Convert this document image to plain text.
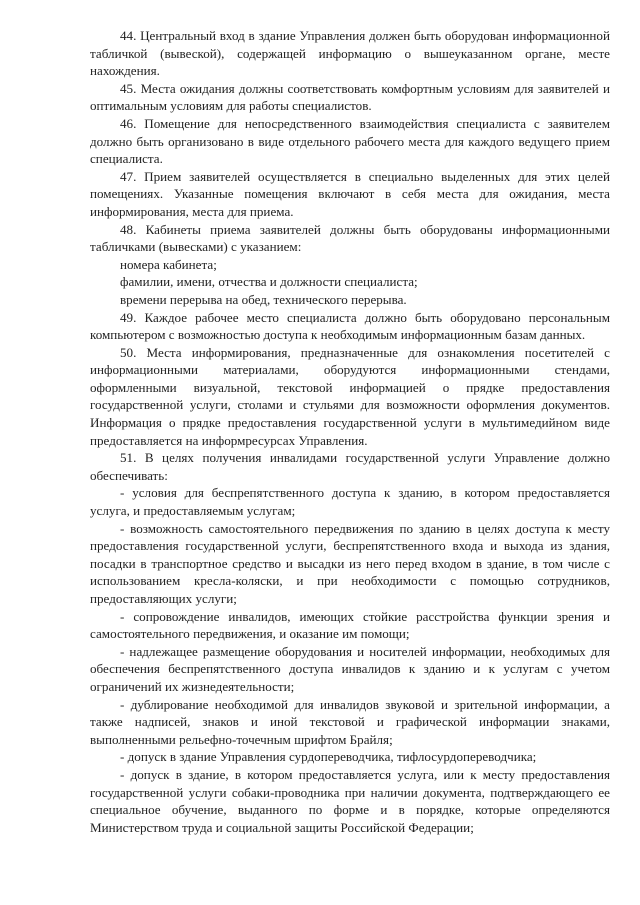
44. Центральный вход в здание Управления должен быть оборудован информационной табличкой (вывеской), содержащей информацию о вышеуказанном органе, месте нахождения.

45. Места ожидания должны соответствовать комфортным условиям для заявителей и оптимальным условиям для работы специалистов.

46. Помещение для непосредственного взаимодействия специалиста с заявителем должно быть организовано в виде отдельного рабочего места для каждого ведущего прием специалиста.

47. Прием заявителей осуществляется в специально выделенных для этих целей помещениях. Указанные помещения включают в себя места для ожидания, места информирования, места для приема.

48. Кабинеты приема заявителей должны быть оборудованы информационными табличками (вывесками) с указанием:

номера кабинета;

фамилии, имени, отчества и должности специалиста;

времени перерыва на обед, технического перерыва.

49. Каждое рабочее место специалиста должно быть оборудовано персональным компьютером с возможностью доступа к необходимым информационным базам данных.

50. Места информирования, предназначенные для ознакомления посетителей с информационными материалами, оборудуются информационными стендами, оформленными визуальной, текстовой информацией о прядке предоставления государственной услуги, столами и стульями для возможности оформления документов. Информация о прядке предоставления государственной услуги в мультимедийном виде предоставляется на информресурсах Управления.

51. В целях получения инвалидами государственной услуги Управление должно обеспечивать:

- условия для беспрепятственного доступа к зданию, в котором предоставляется услуга, и предоставляемым услугам;

- возможность самостоятельного передвижения по зданию в целях доступа к месту предоставления государственной услуги, беспрепятственного входа и выхода из здания, посадки в транспортное средство и высадки из него перед входом в здание, в том числе с использованием кресла-коляски, и при необходимости с помощью сотрудников, предоставляющих услуги;

- сопровождение инвалидов, имеющих стойкие расстройства функции зрения и самостоятельного передвижения, и оказание им помощи;

- надлежащее размещение оборудования и носителей информации, необходимых для обеспечения беспрепятственного доступа инвалидов к зданию и к услугам с учетом ограничений их жизнедеятельности;

- дублирование необходимой для инвалидов звуковой и зрительной информации, а также надписей, знаков и иной текстовой и графической информации знаками, выполненными рельефно-точечным шрифтом Брайля;

- допуск в здание Управления сурдопереводчика, тифлосурдопереводчика;

- допуск в здание, в котором предоставляется услуга, или к месту предоставления государственной услуги собаки-проводника при наличии документа, подтверждающего ее специальное обучение, выданного по форме и в порядке, которые определяются Министерством труда и социальной защиты Российской Федерации;
